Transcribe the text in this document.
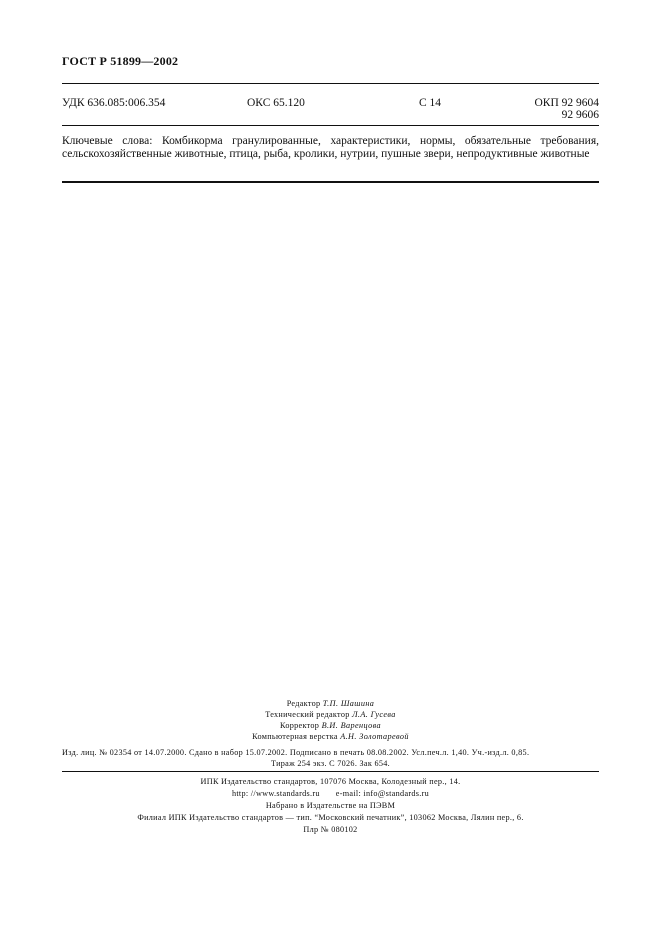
ГОСТ Р 51899—2002
УДК 636.085:006.354	ОКС 65.120	С 14	ОКП 92 9604
92 9606
Ключевые слова: Комбикорма гранулированные, характеристики, нормы, обязательные требования, сельскохозяйственные животные, птица, рыба, кролики, нутрии, пушные звери, непродуктивные животные
Редактор Т.П. Шашина
Технический редактор Л.А. Гусева
Корректор В.И. Варенцова
Компьютерная верстка А.Н. Золотаревой
Изд. лиц. № 02354 от 14.07.2000. Сдано в набор 15.07.2002. Подписано в печать 08.08.2002. Усл.печ.л. 1,40. Уч.-изд.л. 0,85.
Тираж 254 экз. С 7026. Зак 654.
ИПК Издательство стандартов, 107076 Москва, Колодезный пер., 14.
http: //www.standards.ru e-mail: info@standards.ru
Набрано в Издательстве на ПЭВМ
Филиал ИПК Издательство стандартов — тип. “Московский печатник”, 103062 Москва, Лялин пер., 6.
Плр № 080102
